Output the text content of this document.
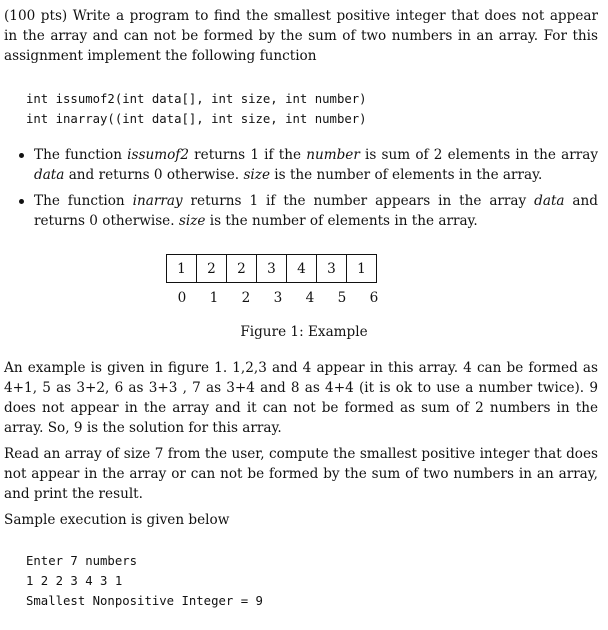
(100 pts) Write a program to find the smallest positive integer that does not appear in the array and can not be formed by the sum of two numbers in an array. For this assignment implement the following function
int issumof2(int data[], int size, int number)
int inarray((int data[], int size, int number)
The function issumof2 returns 1 if the number is sum of 2 elements in the array data and returns 0 otherwise. size is the number of elements in the array.
The function inarray returns 1 if the number appears in the array data and returns 0 otherwise. size is the number of elements in the array.
1	2	2	3	4	3	1
0	1	2	3	4	5	6
Figure 1: Example
An example is given in figure 1. 1,2,3 and 4 appear in this array. 4 can be formed as 4+1, 5 as 3+2, 6 as 3+3 , 7 as 3+4 and 8 as 4+4 (it is ok to use a number twice). 9 does not appear in the array and it can not be formed as sum of 2 numbers in the array. So, 9 is the solution for this array.
Read an array of size 7 from the user, compute the smallest positive integer that does not appear in the array or can not be formed by the sum of two numbers in an array, and print the result.
Sample execution is given below
Enter 7 numbers
1 2 2 3 4 3 1
Smallest Nonpositive Integer = 9
